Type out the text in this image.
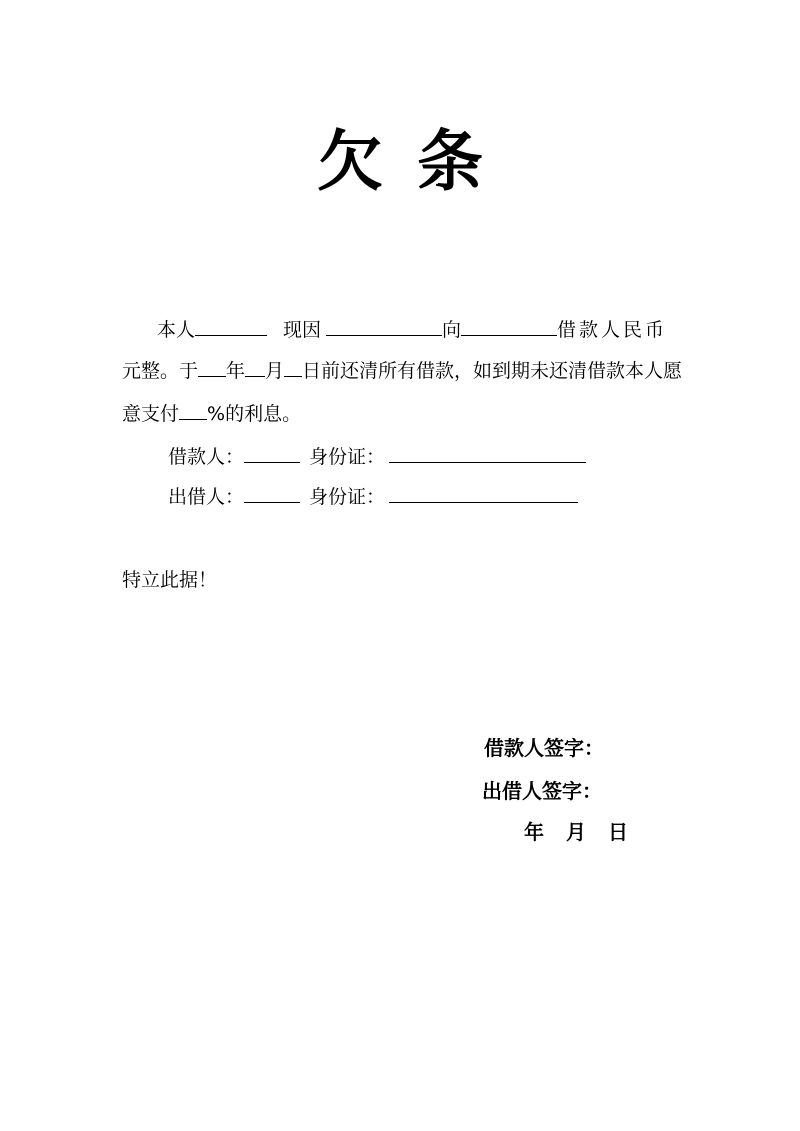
欠 条
本人	现因	向	借款人民币
元整。于 年 月 日前还清所有借款，如到期未还清借款本人愿
意支付 %的利息。
借款人：	身份证：
出借人：	身份证：
特立此据！
借款人签字：
出借人签字：
年 月 日
